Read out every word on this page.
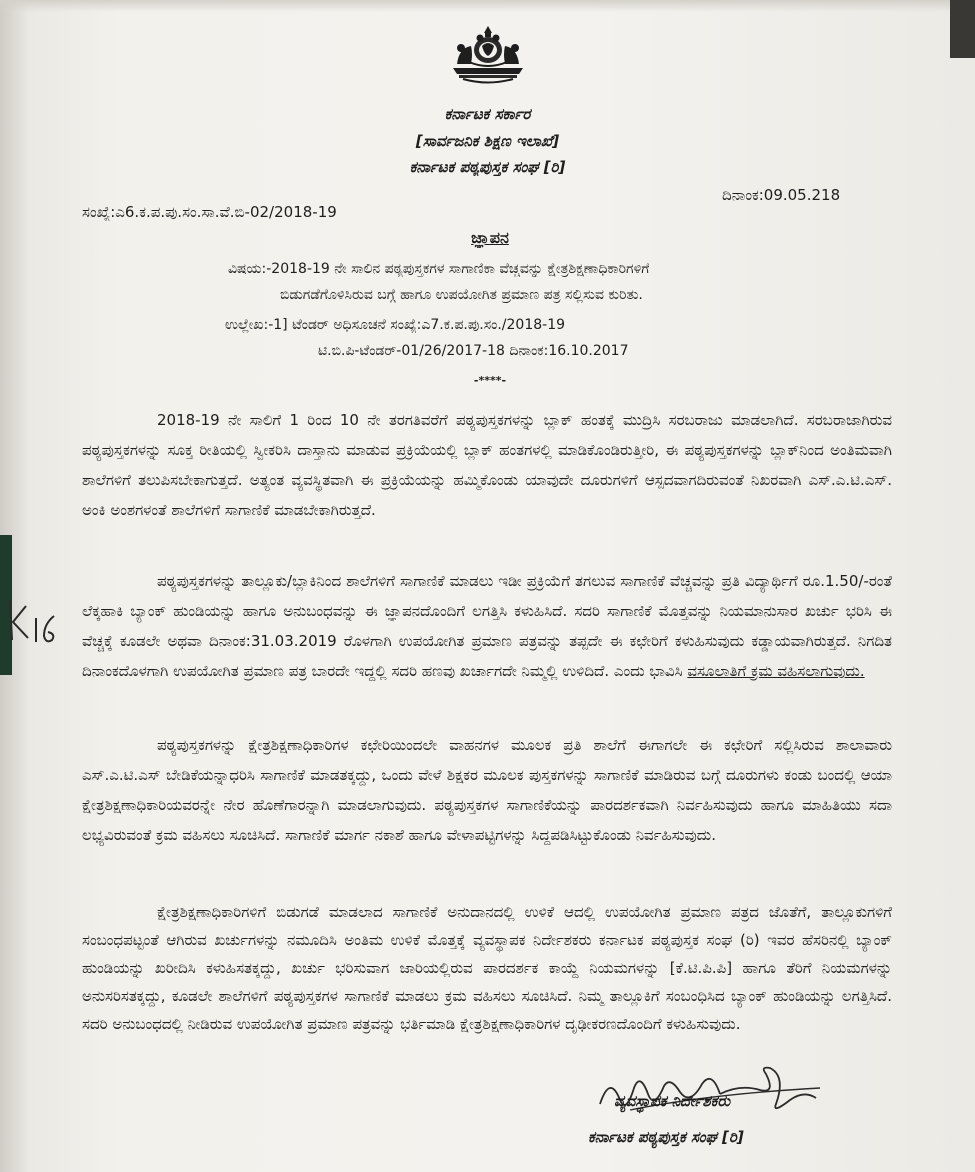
ಕರ್ನಾಟಕ ಸರ್ಕಾರ
[ಸಾರ್ವಜನಿಕ ಶಿಕ್ಷಣ ಇಲಾಖೆ]
ಕರ್ನಾಟಕ ಪಠ್ಯಪುಸ್ತಕ ಸಂಘ [ರಿ]
ದಿನಾಂಕ:09.05.218
ಸಂಖ್ಯೆ:ಎ6.ಕ.ಪ.ಪು.ಸಂ.ಸಾ.ವೆ.ಬಿ-02/2018-19
ಜ್ಞಾಪನ
ವಿಷಯ:-2018-19 ನೇ ಸಾಲಿನ ಪಠ್ಯಪುಸ್ತಕಗಳ ಸಾಗಾಣಿಕಾ ವೆಚ್ಚವನ್ನು ಕ್ಷೇತ್ರಶಿಕ್ಷಣಾಧಿಕಾರಿಗಳಿಗೆ
ಬಿಡುಗಡೆಗೊಳಿಸಿರುವ ಬಗ್ಗೆ ಹಾಗೂ ಉಪಯೋಗಿತ ಪ್ರಮಾಣ ಪತ್ರ ಸಲ್ಲಿಸುವ ಕುರಿತು.
ಉಲ್ಲೇಖ:-1] ಟೆಂಡರ್ ಅಧಿಸೂಚನೆ ಸಂಖ್ಯೆ:ಎ7.ಕ.ಪ.ಪು.ಸಂ./2018-19
ಟಿ.ಬಿ.ಪಿ-ಟೆಂಡರ್-01/26/2017-18 ದಿನಾಂಕ:16.10.2017
-****-
2018-19 ನೇ ಸಾಲಿಗೆ 1 ರಿಂದ 10 ನೇ ತರಗತಿವರೆಗೆ ಪಠ್ಯಪುಸ್ತಕಗಳನ್ನು ಬ್ಲಾಕ್ ಹಂತಕ್ಕೆ ಮುದ್ರಿಸಿ ಸರಬರಾಜು ಮಾಡಲಾಗಿದೆ. ಸರಬರಾಜಾಗಿರುವ ಪಠ್ಯಪುಸ್ತಕಗಳನ್ನು ಸೂಕ್ತ ರೀತಿಯಲ್ಲಿ ಸ್ವೀಕರಿಸಿ ದಾಸ್ತಾನು ಮಾಡುವ ಪ್ರಕ್ರಿಯೆಯಲ್ಲಿ ಬ್ಲಾಕ್ ಹಂತಗಳಲ್ಲಿ ಮಾಡಿಕೊಂಡಿರುತ್ತೀರಿ, ಈ ಪಠ್ಯಪುಸ್ತಕಗಳನ್ನು ಬ್ಲಾಕ್‌ನಿಂದ ಅಂತಿಮವಾಗಿ ಶಾಲೆಗಳಿಗೆ ತಲುಪಿಸಬೇಕಾಗುತ್ತದೆ. ಅತ್ಯಂತ ವ್ಯವಸ್ಥಿತವಾಗಿ ಈ ಪ್ರಕ್ರಿಯೆಯನ್ನು ಹಮ್ಮಿಕೊಂಡು ಯಾವುದೇ ದೂರುಗಳಿಗೆ ಆಸ್ಪದವಾಗದಿರುವಂತೆ ನಿಖರವಾಗಿ ಎಸ್.ಎ.ಟಿ.ಎಸ್. ಅಂಕಿ ಅಂಶಗಳಂತೆ ಶಾಲೆಗಳಿಗೆ ಸಾಗಾಣಿಕೆ ಮಾಡಬೇಕಾಗಿರುತ್ತದೆ.
ಪಠ್ಯಪುಸ್ತಕಗಳನ್ನು ತಾಲ್ಲೂಕು/ಬ್ಲಾಕಿನಿಂದ ಶಾಲೆಗಳಿಗೆ ಸಾಗಾಣಿಕೆ ಮಾಡಲು ಇಡೀ ಪ್ರಕ್ರಿಯೆಗೆ ತಗಲುವ ಸಾಗಾಣಿಕೆ ವೆಚ್ಚವನ್ನು ಪ್ರತಿ ವಿದ್ಯಾರ್ಥಿಗೆ ರೂ.1.50/-ರಂತೆ ಲೆಕ್ಕಹಾಕಿ ಬ್ಯಾಂಕ್ ಹುಂಡಿಯನ್ನು ಹಾಗೂ ಅನುಬಂಧವನ್ನು ಈ ಜ್ಞಾಪನದೊಂದಿಗೆ ಲಗತ್ತಿಸಿ ಕಳುಹಿಸಿದೆ. ಸದರಿ ಸಾಗಾಣಿಕೆ ಮೊತ್ತವನ್ನು ನಿಯಮಾನುಸಾರ ಖರ್ಚು ಭರಿಸಿ ಈ ವೆಚ್ಚಕ್ಕೆ ಕೂಡಲೇ ಅಥವಾ ದಿನಾಂಕ:31.03.2019 ರೊಳಗಾಗಿ ಉಪಯೋಗಿತ ಪ್ರಮಾಣ ಪತ್ರವನ್ನು ತಪ್ಪದೇ ಈ ಕಛೇರಿಗೆ ಕಳುಹಿಸುವುದು ಕಡ್ಡಾಯವಾಗಿರುತ್ತದೆ. ನಿಗದಿತ ದಿನಾಂಕದೊಳಗಾಗಿ ಉಪಯೋಗಿತ ಪ್ರಮಾಣ ಪತ್ರ ಬಾರದೇ ಇದ್ದಲ್ಲಿ ಸದರಿ ಹಣವು ಖರ್ಚಾಗದೇ ನಿಮ್ಮಲ್ಲಿ ಉಳಿದಿದೆ. ಎಂದು ಭಾವಿಸಿ ವಸೂಲಾತಿಗೆ ಕ್ರಮ ವಹಿಸಲಾಗುವುದು.
ಪಠ್ಯಪುಸ್ತಕಗಳನ್ನು ಕ್ಷೇತ್ರಶಿಕ್ಷಣಾಧಿಕಾರಿಗಳ ಕಛೇರಿಯಿಂದಲೇ ವಾಹನಗಳ ಮೂಲಕ ಪ್ರತಿ ಶಾಲೆಗೆ ಈಗಾಗಲೇ ಈ ಕಛೇರಿಗೆ ಸಲ್ಲಿಸಿರುವ ಶಾಲಾವಾರು ಎಸ್.ಎ.ಟಿ.ಎಸ್ ಬೇಡಿಕೆಯನ್ನಾಧರಿಸಿ ಸಾಗಾಣಿಕೆ ಮಾಡತಕ್ಕದ್ದು, ಒಂದು ವೇಳೆ ಶಿಕ್ಷಕರ ಮೂಲಕ ಪುಸ್ತಕಗಳನ್ನು ಸಾಗಾಣಿಕೆ ಮಾಡಿರುವ ಬಗ್ಗೆ ದೂರುಗಳು ಕಂಡು ಬಂದಲ್ಲಿ ಆಯಾ ಕ್ಷೇತ್ರಶಿಕ್ಷಣಾಧಿಕಾರಿಯವರನ್ನೇ ನೇರ ಹೊಣೆಗಾರನ್ನಾಗಿ ಮಾಡಲಾಗುವುದು. ಪಠ್ಯಪುಸ್ತಕಗಳ ಸಾಗಾಣಿಕೆಯನ್ನು ಪಾರದರ್ಶಕವಾಗಿ ನಿರ್ವಹಿಸುವುದು ಹಾಗೂ ಮಾಹಿತಿಯು ಸದಾ ಲಭ್ಯವಿರುವಂತೆ ಕ್ರಮ ವಹಿಸಲು ಸೂಚಿಸಿದೆ. ಸಾಗಾಣಿಕೆ ಮಾರ್ಗ ನಕಾಶೆ ಹಾಗೂ ವೇಳಾಪಟ್ಟಿಗಳನ್ನು ಸಿದ್ದಪಡಿಸಿಟ್ಟುಕೊಂಡು ನಿರ್ವಹಿಸುವುದು.
ಕ್ಷೇತ್ರಶಿಕ್ಷಣಾಧಿಕಾರಿಗಳಿಗೆ ಬಿಡುಗಡೆ ಮಾಡಲಾದ ಸಾಗಾಣಿಕೆ ಅನುದಾನದಲ್ಲಿ ಉಳಿಕೆ ಆದಲ್ಲಿ ಉಪಯೋಗಿತ ಪ್ರಮಾಣ ಪತ್ರದ ಜೊತೆಗೆ, ತಾಲ್ಲೂಕುಗಳಿಗೆ ಸಂಬಂಧಪಟ್ಟಂತೆ ಆಗಿರುವ ಖರ್ಚುಗಳನ್ನು ನಮೂದಿಸಿ ಅಂತಿಮ ಉಳಿಕೆ ಮೊತ್ತಕ್ಕೆ ವ್ಯವಸ್ಥಾಪಕ ನಿರ್ದೇಶಕರು ಕರ್ನಾಟಕ ಪಠ್ಯಪುಸ್ತಕ ಸಂಘ (ರಿ) ಇವರ ಹೆಸರಿನಲ್ಲಿ ಬ್ಯಾಂಕ್ ಹುಂಡಿಯನ್ನು ಖರೀದಿಸಿ ಕಳುಹಿಸತಕ್ಕದ್ದು, ಖರ್ಚು ಭರಿಸುವಾಗ ಜಾರಿಯಲ್ಲಿರುವ ಪಾರದರ್ಶಕ ಕಾಯ್ದೆ ನಿಯಮಗಳನ್ನು [ಕೆ.ಟಿ.ಪಿ.ಪಿ] ಹಾಗೂ ತೆರಿಗೆ ನಿಯಮಗಳನ್ನು ಅನುಸರಿಸತಕ್ಕದ್ದು, ಕೂಡಲೇ ಶಾಲೆಗಳಿಗೆ ಪಠ್ಯಪುಸ್ತಕಗಳ ಸಾಗಾಣಿಕೆ ಮಾಡಲು ಕ್ರಮ ವಹಿಸಲು ಸೂಚಿಸಿದೆ. ನಿಮ್ಮ ತಾಲ್ಲೂಕಿಗೆ ಸಂಬಂಧಿಸಿದ ಬ್ಯಾಂಕ್ ಹುಂಡಿಯನ್ನು ಲಗತ್ತಿಸಿದೆ. ಸದರಿ ಅನುಬಂಧದಲ್ಲಿ ನೀಡಿರುವ ಉಪಯೋಗಿತ ಪ್ರಮಾಣ ಪತ್ರವನ್ನು ಭರ್ತಿಮಾಡಿ ಕ್ಷೇತ್ರಶಿಕ್ಷಣಾಧಿಕಾರಿಗಳ ದೃಢೀಕರಣದೊಂದಿಗೆ ಕಳುಹಿಸುವುದು.
ವ್ಯವಸ್ಥಾಪಕ ನಿರ್ದೇಶಕರು
ಕರ್ನಾಟಕ ಪಠ್ಯಪುಸ್ತಕ ಸಂಘ [ರಿ]
